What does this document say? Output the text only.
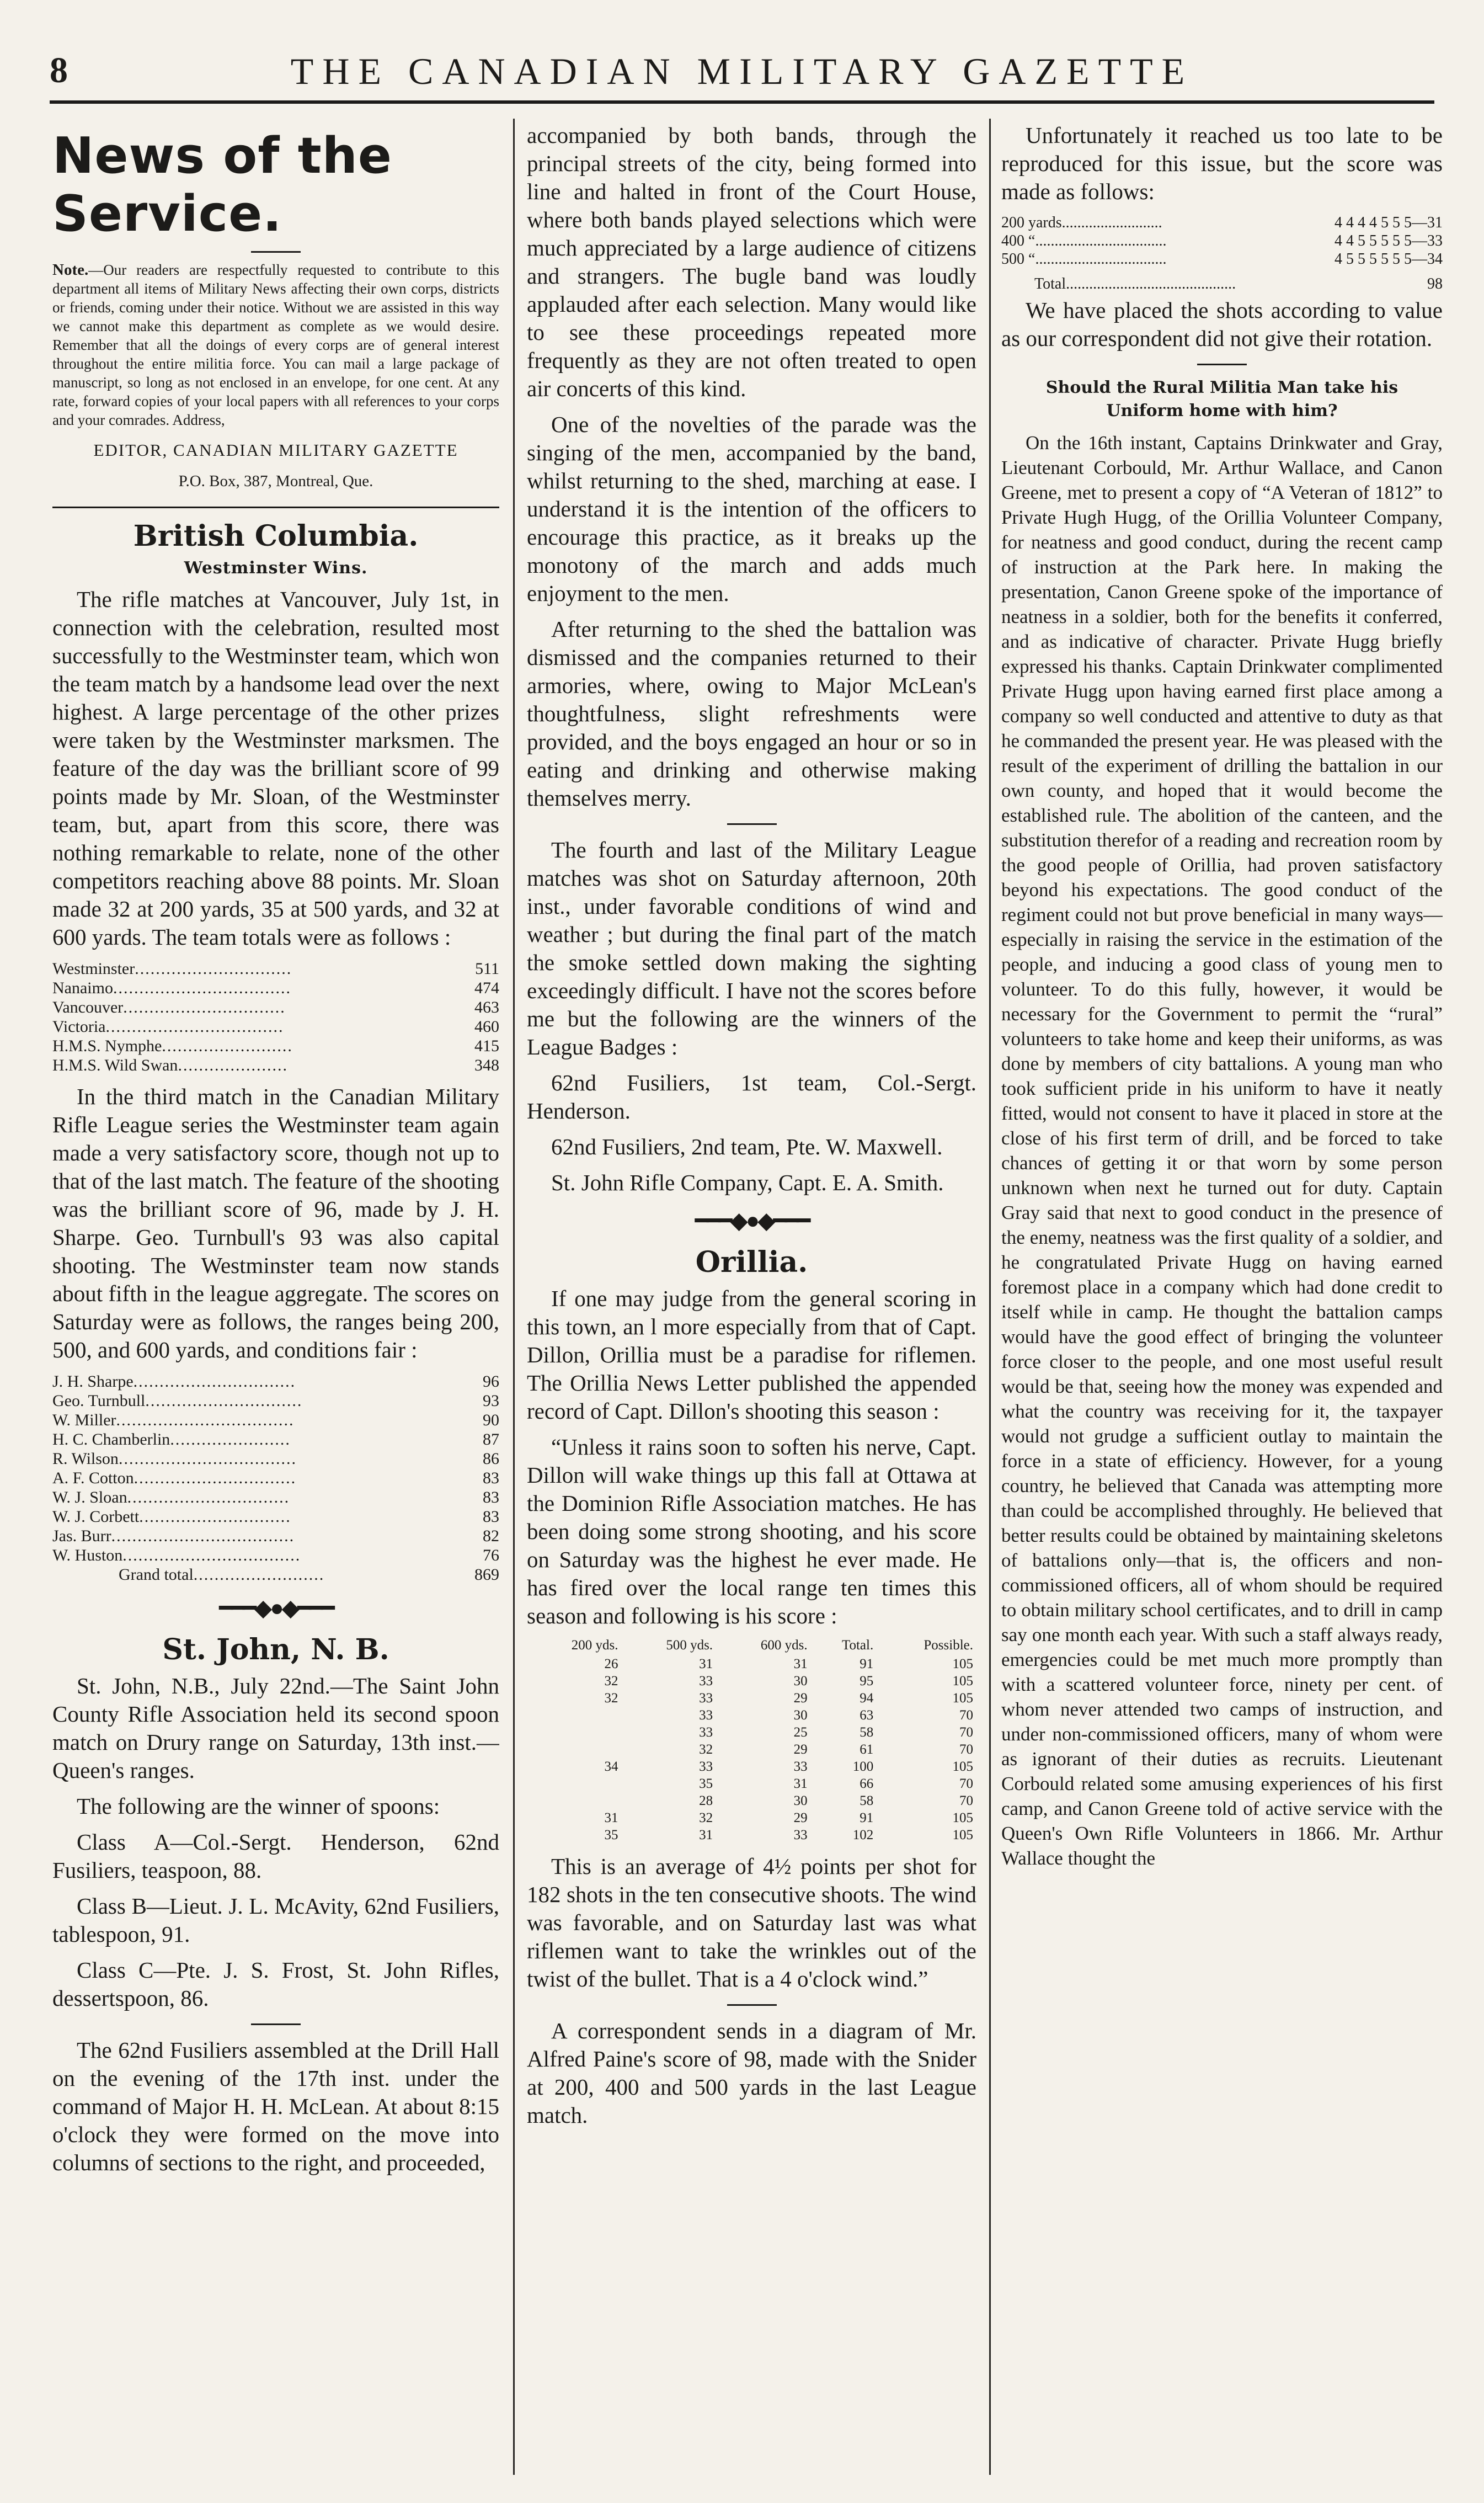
8	THE CANADIAN MILITARY GAZETTE
News of the Service.

Note.—Our readers are respectfully requested to contribute to this department all items of Military News affecting their own corps, districts or friends, coming under their notice. Without we are assisted in this way we cannot make this department as complete as we would desire. Remember that all the doings of every corps are of general interest throughout the entire militia force. You can mail a large package of manuscript, so long as not enclosed in an envelope, for one cent. At any rate, forward copies of your local papers with all references to your corps and your comrades. Address,

EDITOR, CANADIAN MILITARY GAZETTE

P.O. Box, 387, Montreal, Que.

British Columbia.
Westminster Wins.

The rifle matches at Vancouver, July 1st, in connection with the celebration, resulted most successfully to the Westminster team, which won the team match by a handsome lead over the next highest. A large percentage of the other prizes were taken by the Westminster marksmen. The feature of the day was the brilliant score of 99 points made by Mr. Sloan, of the Westminster team, but, apart from this score, there was nothing remarkable to relate, none of the other competitors reaching above 88 points. Mr. Sloan made 32 at 200 yards, 35 at 500 yards, and 32 at 600 yards. The team totals were as follows :

Westminster..............................	511
Nanaimo..................................	474
Vancouver...............................	463
Victoria..................................	460
H.M.S. Nymphe.........................	415
H.M.S. Wild Swan.....................	348

In the third match in the Canadian Military Rifle League series the Westminster team again made a very satisfactory score, though not up to that of the last match. The feature of the shooting was the brilliant score of 96, made by J. H. Sharpe. Geo. Turnbull's 93 was also capital shooting. The Westminster team now stands about fifth in the league aggregate. The scores on Saturday were as follows, the ranges being 200, 500, and 600 yards, and conditions fair :

J. H. Sharpe...............................	96
Geo. Turnbull..............................	93
W. Miller..................................	90
H. C. Chamberlin.......................	87
R. Wilson..................................	86
A. F. Cotton...............................	83
W. J. Sloan...............................	83
W. J. Corbett.............................	83
Jas. Burr...................................	82
W. Huston..................................	76
Grand total.........................	869
━━━◆●◆━━━
St. John, N. B.

St. John, N.B., July 22nd.—The Saint John County Rifle Association held its second spoon match on Drury range on Saturday, 13th inst.—Queen's ranges.

The following are the winner of spoons:

Class A—Col.-Sergt. Henderson, 62nd Fusiliers, teaspoon, 88.

Class B—Lieut. J. L. McAvity, 62nd Fusiliers, tablespoon, 91.

Class C—Pte. J. S. Frost, St. John Rifles, dessertspoon, 86.

The 62nd Fusiliers assembled at the Drill Hall on the evening of the 17th inst. under the command of Major H. H. McLean. At about 8:15 o'clock they were formed on the move into columns of sections to the right, and proceeded,

accompanied by both bands, through the principal streets of the city, being formed into line and halted in front of the Court House, where both bands played selections which were much appreciated by a large audience of citizens and strangers. The bugle band was loudly applauded after each selection. Many would like to see these proceedings repeated more frequently as they are not often treated to open air concerts of this kind.

One of the novelties of the parade was the singing of the men, accompanied by the band, whilst returning to the shed, marching at ease. I understand it is the intention of the officers to encourage this practice, as it breaks up the monotony of the march and adds much enjoyment to the men.

After returning to the shed the battalion was dismissed and the companies returned to their armories, where, owing to Major McLean's thoughtfulness, slight refreshments were provided, and the boys engaged an hour or so in eating and drinking and otherwise making themselves merry.

The fourth and last of the Military League matches was shot on Saturday afternoon, 20th inst., under favorable conditions of wind and weather ; but during the final part of the match the smoke settled down making the sighting exceedingly difficult. I have not the scores before me but the following are the winners of the League Badges :

62nd Fusiliers, 1st team, Col.-Sergt. Henderson.

62nd Fusiliers, 2nd team, Pte. W. Maxwell.

St. John Rifle Company, Capt. E. A. Smith.

━━━◆●◆━━━
Orillia.

If one may judge from the general scoring in this town, an l more especially from that of Capt. Dillon, Orillia must be a paradise for riflemen. The Orillia News Letter published the appended record of Capt. Dillon's shooting this season :

“Unless it rains soon to soften his nerve, Capt. Dillon will wake things up this fall at Ottawa at the Dominion Rifle Association matches. He has been doing some strong shooting, and his score on Saturday was the highest he ever made. He has fired over the local range ten times this season and following is his score :

200 yds.	500 yds.	600 yds.	Total.	Possible.
26	31	31	91	105
32	33	30	95	105
32	33	29	94	105
	33	30	63	70
	33	25	58	70
	32	29	61	70
34	33	33	100	105
	35	31	66	70
	28	30	58	70
31	32	29	91	105
35	31	33	102	105

This is an average of 4½ points per shot for 182 shots in the ten consecutive shoots. The wind was favorable, and on Saturday last was what riflemen want to take the wrinkles out of the twist of the bullet. That is a 4 o'clock wind.”

A correspondent sends in a diagram of Mr. Alfred Paine's score of 98, made with the Snider at 200, 400 and 500 yards in the last League match.

Unfortunately it reached us too late to be reproduced for this issue, but the score was made as follows:

200 yards..........................	4 4 4 4 5 5 5—31
400 “..................................	4 4 5 5 5 5 5—33
500 “..................................	4 5 5 5 5 5 5—34
Total............................................	98

We have placed the shots according to value as our correspondent did not give their rotation.

Should the Rural Militia Man take his Uniform home with him?

On the 16th instant, Captains Drinkwater and Gray, Lieutenant Corbould, Mr. Arthur Wallace, and Canon Greene, met to present a copy of “A Veteran of 1812” to Private Hugh Hugg, of the Orillia Volunteer Company, for neatness and good conduct, during the recent camp of instruction at the Park here. In making the presentation, Canon Greene spoke of the importance of neatness in a soldier, both for the benefits it conferred, and as indicative of character. Private Hugg briefly expressed his thanks. Captain Drinkwater complimented Private Hugg upon having earned first place among a company so well conducted and attentive to duty as that he commanded the present year. He was pleased with the result of the experiment of drilling the battalion in our own county, and hoped that it would become the established rule. The abolition of the canteen, and the substitution therefor of a reading and recreation room by the good people of Orillia, had proven satisfactory beyond his expectations. The good conduct of the regiment could not but prove beneficial in many ways—especially in raising the service in the estimation of the people, and inducing a good class of young men to volunteer. To do this fully, however, it would be necessary for the Government to permit the “rural” volunteers to take home and keep their uniforms, as was done by members of city battalions. A young man who took sufficient pride in his uniform to have it neatly fitted, would not consent to have it placed in store at the close of his first term of drill, and be forced to take chances of getting it or that worn by some person unknown when next he turned out for duty. Captain Gray said that next to good conduct in the presence of the enemy, neatness was the first quality of a soldier, and he congratulated Private Hugg on having earned foremost place in a company which had done credit to itself while in camp. He thought the battalion camps would have the good effect of bringing the volunteer force closer to the people, and one most useful result would be that, seeing how the money was expended and what the country was receiving for it, the taxpayer would not grudge a sufficient outlay to maintain the force in a state of efficiency. However, for a young country, he believed that Canada was attempting more than could be accomplished throughly. He believed that better results could be obtained by maintaining skeletons of battalions only—that is, the officers and non-commissioned officers, all of whom should be required to obtain military school certificates, and to drill in camp say one month each year. With such a staff always ready, emergencies could be met much more promptly than with a scattered volunteer force, ninety per cent. of whom never attended two camps of instruction, and under non-commissioned officers, many of whom were as ignorant of their duties as recruits. Lieutenant Corbould related some amusing experiences of his first camp, and Canon Greene told of active service with the Queen's Own Rifle Volunteers in 1866. Mr. Arthur Wallace thought the
